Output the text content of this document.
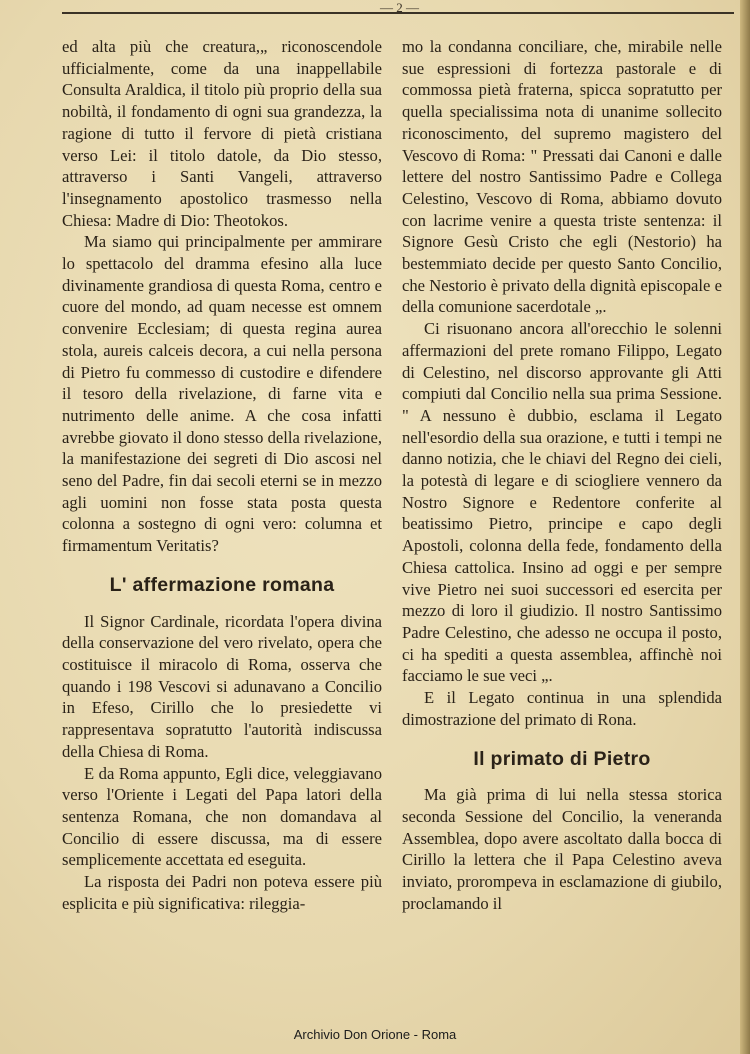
— 2 —

ed alta più che creatura,„ riconoscendole ufficialmente, come da una inappellabile Consulta Araldica, il titolo più proprio della sua nobiltà, il fondamento di ogni sua grandezza, la ragione di tutto il fervore di pietà cristiana verso Lei: il titolo datole, da Dio stesso, attraverso i Santi Vangeli, attraverso l'insegnamento apostolico trasmesso nella Chiesa: Madre di Dio: Theotokos.

Ma siamo qui principalmente per ammirare lo spettacolo del dramma efesino alla luce divinamente grandiosa di questa Roma, centro e cuore del mondo, ad quam necesse est omnem convenire Ecclesiam; di questa regina aurea stola, aureis calceis decora, a cui nella persona di Pietro fu commesso di custodire e difendere il tesoro della rivelazione, di farne vita e nutrimento delle anime. A che cosa infatti avrebbe giovato il dono stesso della rivelazione, la manifestazione dei segreti di Dio ascosi nel seno del Padre, fin dai secoli eterni se in mezzo agli uomini non fosse stata posta questa colonna a sostegno di ogni vero: columna et firmamentum Veritatis?

L' affermazione romana

Il Signor Cardinale, ricordata l'opera divina della conservazione del vero rivelato, opera che costituisce il miracolo di Roma, osserva che quando i 198 Vescovi si adunavano a Concilio in Efeso, Cirillo che lo presiedette vi rappresentava sopratutto l'autorità indiscussa della Chiesa di Roma.

E da Roma appunto, Egli dice, veleggiavano verso l'Oriente i Legati del Papa latori della sentenza Romana, che non domandava al Concilio di essere discussa, ma di essere semplicemente accettata ed eseguita.

La risposta dei Padri non poteva essere più esplicita e più significativa: rileggia-

mo la condanna conciliare, che, mirabile nelle sue espressioni di fortezza pastorale e di commossa pietà fraterna, spicca sopratutto per quella specialissima nota di unanime sollecito riconoscimento, del supremo magistero del Vescovo di Roma: " Pressati dai Canoni e dalle lettere del nostro Santissimo Padre e Collega Celestino, Vescovo di Roma, abbiamo dovuto con lacrime venire a questa triste sentenza: il Signore Gesù Cristo che egli (Nestorio) ha bestemmiato decide per questo Santo Concilio, che Nestorio è privato della dignità episcopale e della comunione sacerdotale „.

Ci risuonano ancora all'orecchio le solenni affermazioni del prete romano Filippo, Legato di Celestino, nel discorso approvante gli Atti compiuti dal Concilio nella sua prima Sessione. " A nessuno è dubbio, esclama il Legato nell'esordio della sua orazione, e tutti i tempi ne danno notizia, che le chiavi del Regno dei cieli, la potestà di legare e di sciogliere vennero da Nostro Signore e Redentore conferite al beatissimo Pietro, principe e capo degli Apostoli, colonna della fede, fondamento della Chiesa cattolica. Insino ad oggi e per sempre vive Pietro nei suoi successori ed esercita per mezzo di loro il giudizio. Il nostro Santissimo Padre Celestino, che adesso ne occupa il posto, ci ha spediti a questa assemblea, affinchè noi facciamo le sue veci „.

E il Legato continua in una splendida dimostrazione del primato di Rona.

Il primato di Pietro

Ma già prima di lui nella stessa storica seconda Sessione del Concilio, la veneranda Assemblea, dopo avere ascoltato dalla bocca di Cirillo la lettera che il Papa Celestino aveva inviato, prorompeva in esclamazione di giubilo, proclamando il

Archivio Don Orione - Roma
